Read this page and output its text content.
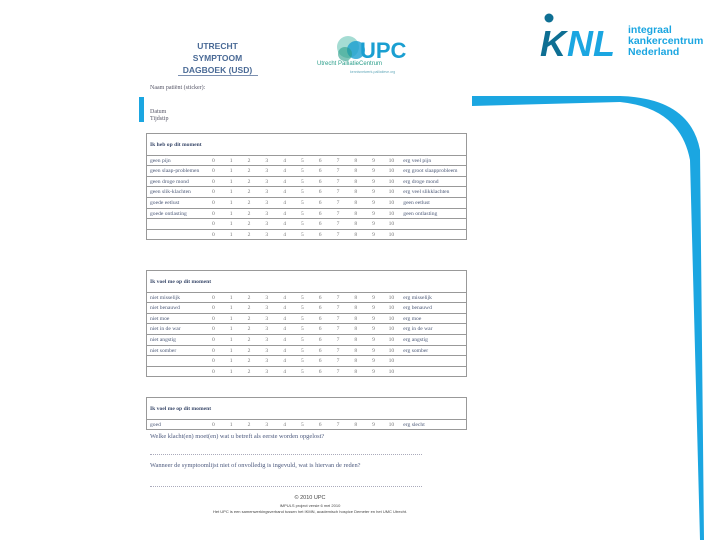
K NL integraal
kankercentrum
Nederland
UTRECHT
SYMPTOOM
DAGBOEK (USD)
UPC
Utrecht PalliatieCentrum
kennisnetwerk-palliatieve.org
Naam patiënt (sticker):
Datum
Tijdstip
Ik heb op dit moment												
geen pijn	0	1	2	3	4	5	6	7	8	9	10	erg veel pijn
geen slaap-problemen	0	1	2	3	4	5	6	7	8	9	10	erg groot slaapprobleem
geen droge mond	0	1	2	3	4	5	6	7	8	9	10	erg droge mond
geen slik-klachten	0	1	2	3	4	5	6	7	8	9	10	erg veel slikklachten
goede eetlust	0	1	2	3	4	5	6	7	8	9	10	geen eetlust
goede ontlasting	0	1	2	3	4	5	6	7	8	9	10	geen ontlasting
	0	1	2	3	4	5	6	7	8	9	10	
	0	1	2	3	4	5	6	7	8	9	10	
Ik voel me op dit moment												
niet misselijk	0	1	2	3	4	5	6	7	8	9	10	erg misselijk
niet benauwd	0	1	2	3	4	5	6	7	8	9	10	erg benauwd
niet moe	0	1	2	3	4	5	6	7	8	9	10	erg moe
niet in de war	0	1	2	3	4	5	6	7	8	9	10	erg in de war
niet angstig	0	1	2	3	4	5	6	7	8	9	10	erg angstig
niet somber	0	1	2	3	4	5	6	7	8	9	10	erg somber
	0	1	2	3	4	5	6	7	8	9	10	
	0	1	2	3	4	5	6	7	8	9	10	
Ik voel me op dit moment
goed	0	1	2	3	4	5	6	7	8	9	10	erg slecht
Welke klacht(en) moet(en) wat u betreft als eerste worden opgelost?
Wanneer de symptoomlijst niet of onvolledig is ingevuld, wat is hiervan de reden?
© 2010 UPC
IMPULS project versie 6 mei 2010
Het UPC is een samenwerkingsverband tussen het IKMN, academisch hospice Demeter en het UMC Utrecht.
